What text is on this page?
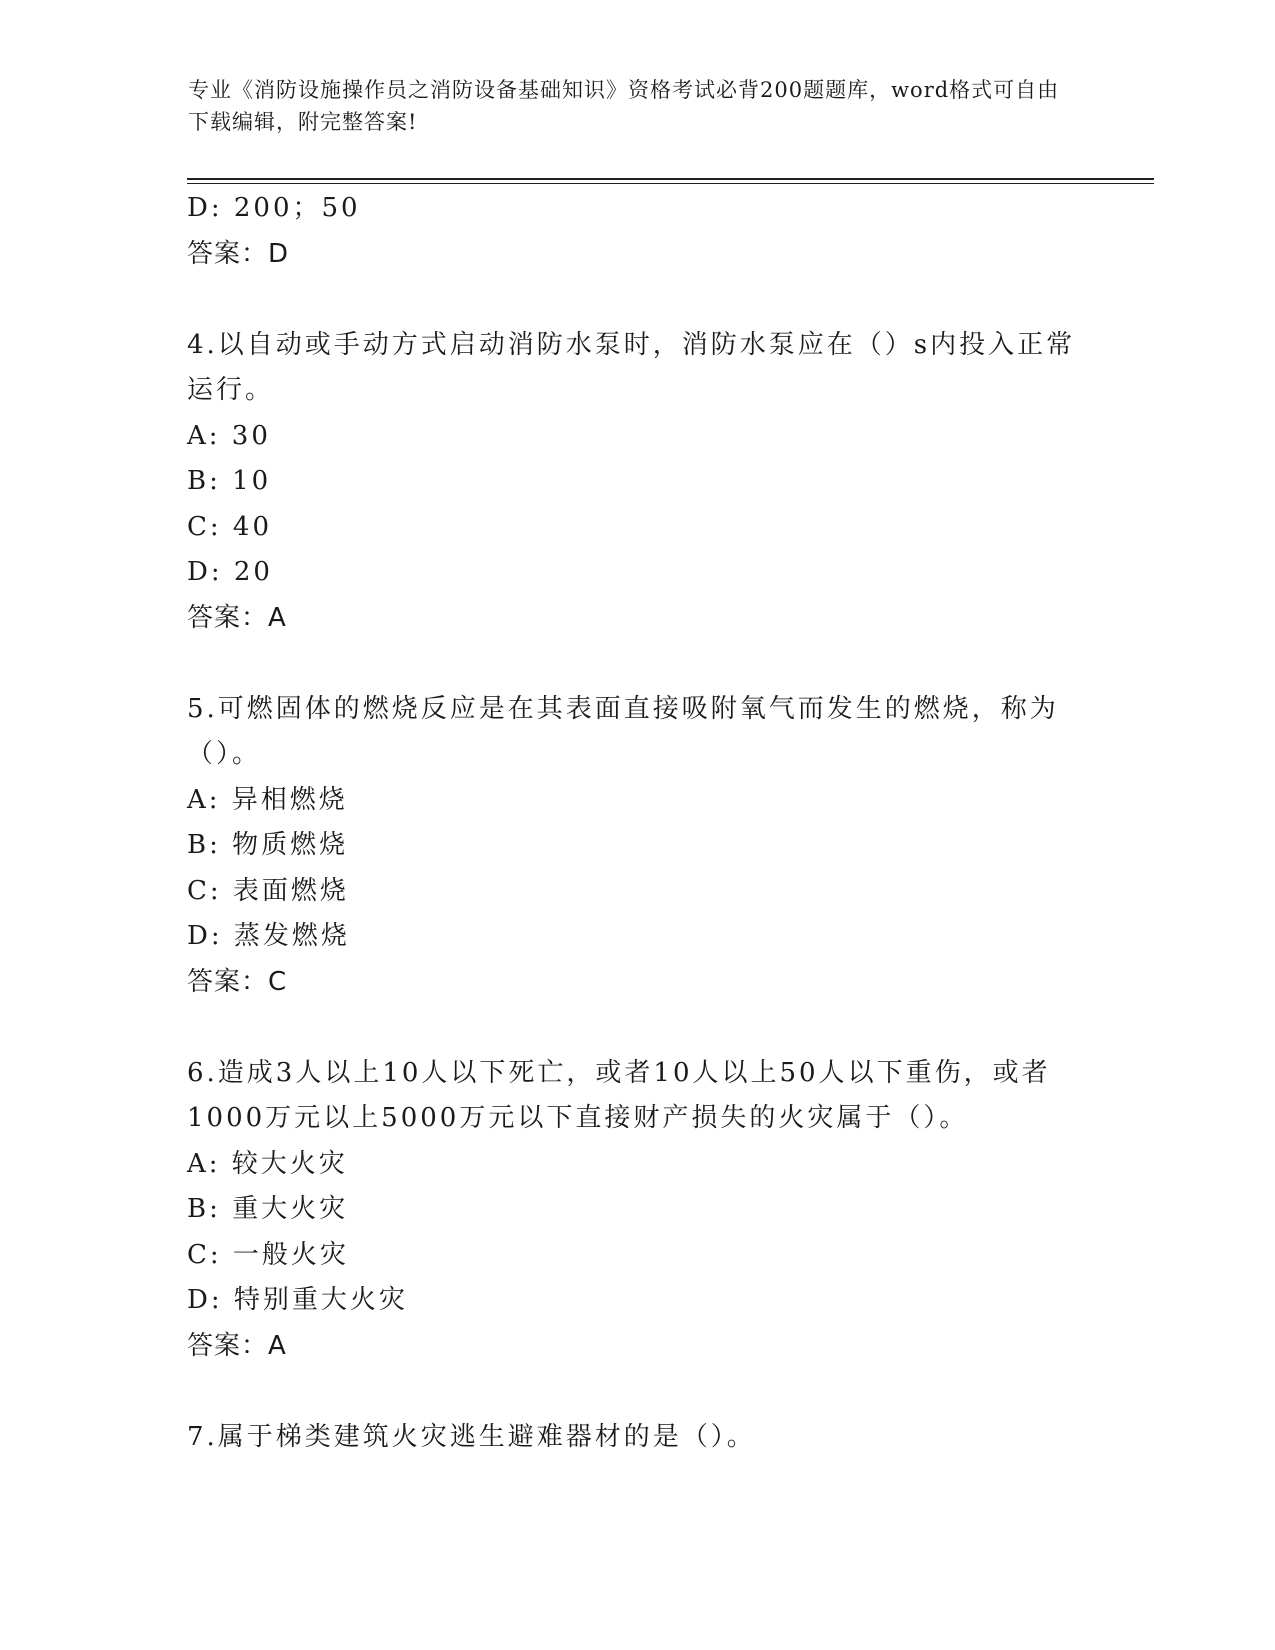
专业《消防设施操作员之消防设备基础知识》资格考试必背200题题库，word格式可自由下载编辑，附完整答案!
D: 200；50
答案：D
4.以自动或手动方式启动消防水泵时，消防水泵应在（）s内投入正常
运行。
A: 30
B: 10
C: 40
D: 20
答案：A
5.可燃固体的燃烧反应是在其表面直接吸附氧气而发生的燃烧，称为
（）。
A: 异相燃烧
B: 物质燃烧
C: 表面燃烧
D: 蒸发燃烧
答案：C
6.造成3人以上10人以下死亡，或者10人以上50人以下重伤，或者
1000万元以上5000万元以下直接财产损失的火灾属于（）。
A: 较大火灾
B: 重大火灾
C: 一般火灾
D: 特别重大火灾
答案：A
7.属于梯类建筑火灾逃生避难器材的是（）。
